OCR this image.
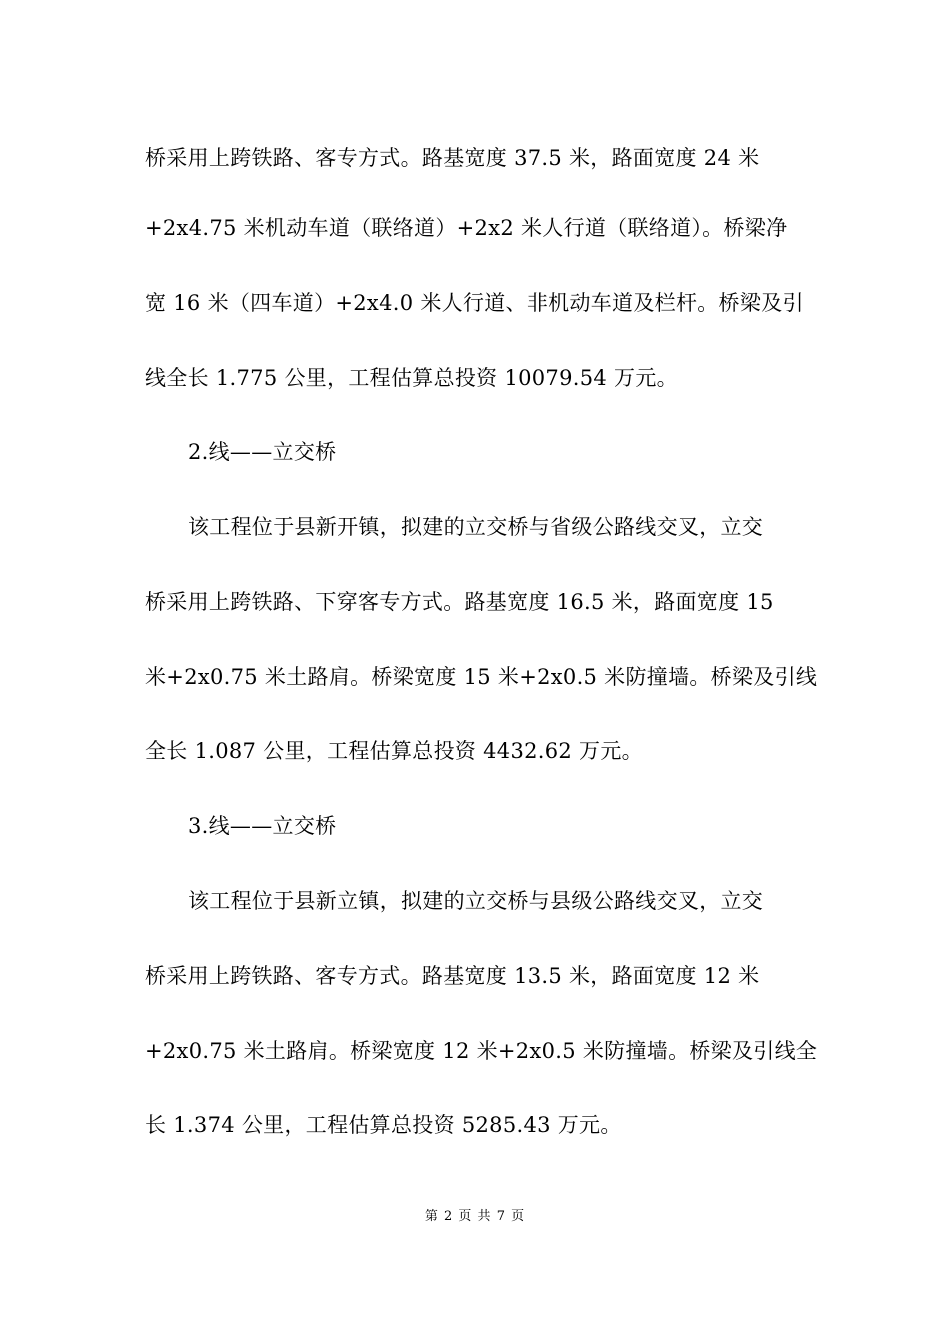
桥采用上跨铁路、客专方式。路基宽度 37.5 米，路面宽度 24 米
+2x4.75 米机动车道（联络道）+2x2 米人行道（联络道）。桥梁净
宽 16 米（四车道）+2x4.0 米人行道、非机动车道及栏杆。桥梁及引
线全长 1.775 公里，工程估算总投资 10079.54 万元。
2.线——立交桥
该工程位于县新开镇，拟建的立交桥与省级公路线交叉，立交
桥采用上跨铁路、下穿客专方式。路基宽度 16.5 米，路面宽度 15
米+2x0.75 米土路肩。桥梁宽度 15 米+2x0.5 米防撞墙。桥梁及引线
全长 1.087 公里，工程估算总投资 4432.62 万元。
3.线——立交桥
该工程位于县新立镇，拟建的立交桥与县级公路线交叉，立交
桥采用上跨铁路、客专方式。路基宽度 13.5 米，路面宽度 12 米
+2x0.75 米土路肩。桥梁宽度 12 米+2x0.5 米防撞墙。桥梁及引线全
长 1.374 公里，工程估算总投资 5285.43 万元。
第 2 页 共 7 页
